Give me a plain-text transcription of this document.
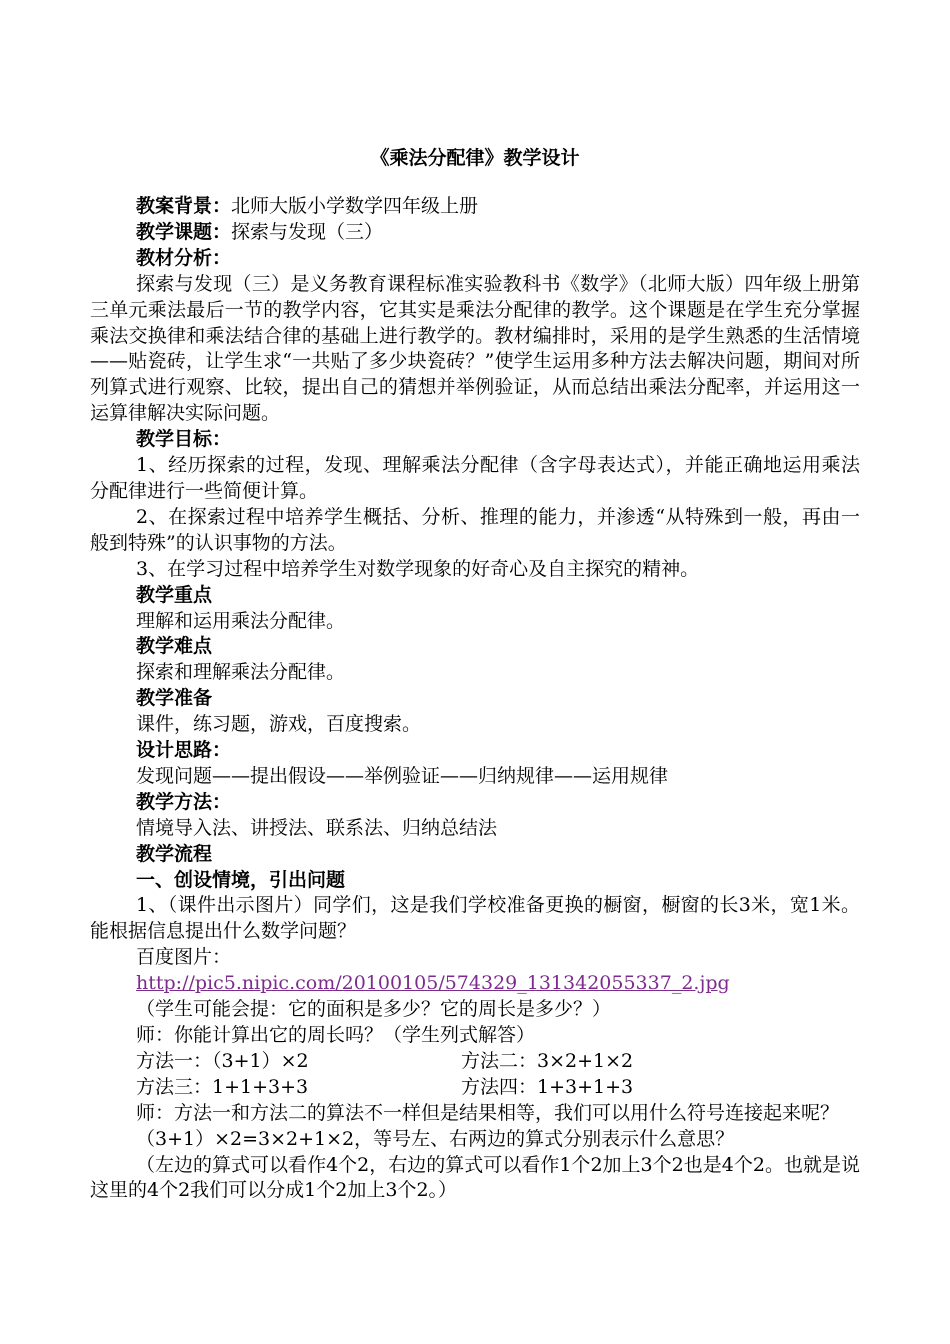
《乘法分配律》教学设计

教案背景：北师大版小学数学四年级上册

教学课题：探索与发现（三）

教材分析：

探索与发现（三）是义务教育课程标准实验教科书《数学》（北师大版）四年级上册第三单元乘法最后一节的教学内容，它其实是乘法分配律的教学。这个课题是在学生充分掌握乘法交换律和乘法结合律的基础上进行教学的。教材编排时，采用的是学生熟悉的生活情境——贴瓷砖，让学生求“一共贴了多少块瓷砖？”使学生运用多种方法去解决问题，期间对所列算式进行观察、比较，提出自己的猜想并举例验证，从而总结出乘法分配率，并运用这一运算律解决实际问题。

教学目标：

1、经历探索的过程，发现、理解乘法分配律（含字母表达式），并能正确地运用乘法分配律进行一些简便计算。

2、在探索过程中培养学生概括、分析、推理的能力，并渗透“从特殊到一般，再由一般到特殊”的认识事物的方法。

3、在学习过程中培养学生对数学现象的好奇心及自主探究的精神。

教学重点

理解和运用乘法分配律。

教学难点

探索和理解乘法分配律。

教学准备

课件，练习题，游戏，百度搜索。

设计思路：

发现问题——提出假设——举例验证——归纳规律——运用规律

教学方法：

情境导入法、讲授法、联系法、归纳总结法

教学流程

一、创设情境，引出问题

1、（课件出示图片）同学们，这是我们学校准备更换的橱窗，橱窗的长3米，宽1米。能根据信息提出什么数学问题？

百度图片：

http://pic5.nipic.com/20100105/574329_131342055337_2.jpg

（学生可能会提：它的面积是多少？它的周长是多少？）

师：你能计算出它的周长吗？（学生列式解答）

方法一：（3+1）×2	方法二：3×2+1×2
方法三：1+1+3+3	方法四：1+3+1+3

师：方法一和方法二的算法不一样但是结果相等，我们可以用什么符号连接起来呢？

（3+1）×2=3×2+1×2，等号左、右两边的算式分别表示什么意思？

（左边的算式可以看作4个2，右边的算式可以看作1个2加上3个2也是4个2。也就是说这里的4个2我们可以分成1个2加上3个2。）
